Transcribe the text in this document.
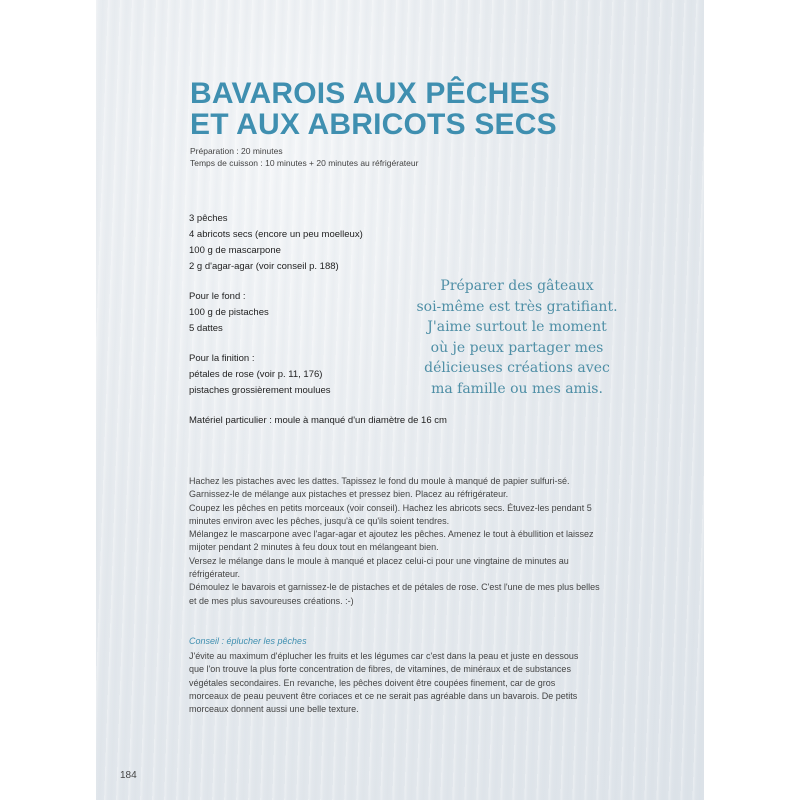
BAVAROIS AUX PÊCHES
ET AUX ABRICOTS SECS
Préparation : 20 minutes
Temps de cuisson : 10 minutes + 20 minutes au réfrigérateur
3 pêches
4 abricots secs (encore un peu moelleux)
100 g de mascarpone
2 g d'agar-agar (voir conseil p. 188)
Pour le fond :
100 g de pistaches
5 dattes
Pour la finition :
pétales de rose (voir p. 11, 176)
pistaches grossièrement moulues
Matériel particulier : moule à manqué d'un diamètre de 16 cm
Préparer des gâteaux
soi-même est très gratifiant.
J'aime surtout le moment
où je peux partager mes
délicieuses créations avec
ma famille ou mes amis.

Hachez les pistaches avec les dattes. Tapissez le fond du moule à manqué de papier sulfuri-sé. Garnissez-le de mélange aux pistaches et pressez bien. Placez au réfrigérateur.

Coupez les pêches en petits morceaux (voir conseil). Hachez les abricots secs. Étuvez-les pendant 5 minutes environ avec les pêches, jusqu'à ce qu'ils soient tendres.

Mélangez le mascarpone avec l'agar-agar et ajoutez les pêches. Amenez le tout à ébullition et laissez mijoter pendant 2 minutes à feu doux tout en mélangeant bien.

Versez le mélange dans le moule à manqué et placez celui-ci pour une vingtaine de minutes au réfrigérateur.

Démoulez le bavarois et garnissez-le de pistaches et de pétales de rose. C'est l'une de mes plus belles et de mes plus savoureuses créations. :-)

Conseil : éplucher les pêches
J'évite au maximum d'éplucher les fruits et les légumes car c'est dans la peau et juste en dessous que l'on trouve la plus forte concentration de fibres, de vitamines, de minéraux et de substances végétales secondaires. En revanche, les pêches doivent être coupées finement, car de gros morceaux de peau peuvent être coriaces et ce ne serait pas agréable dans un bavarois. De petits morceaux donnent aussi une belle texture.
184
